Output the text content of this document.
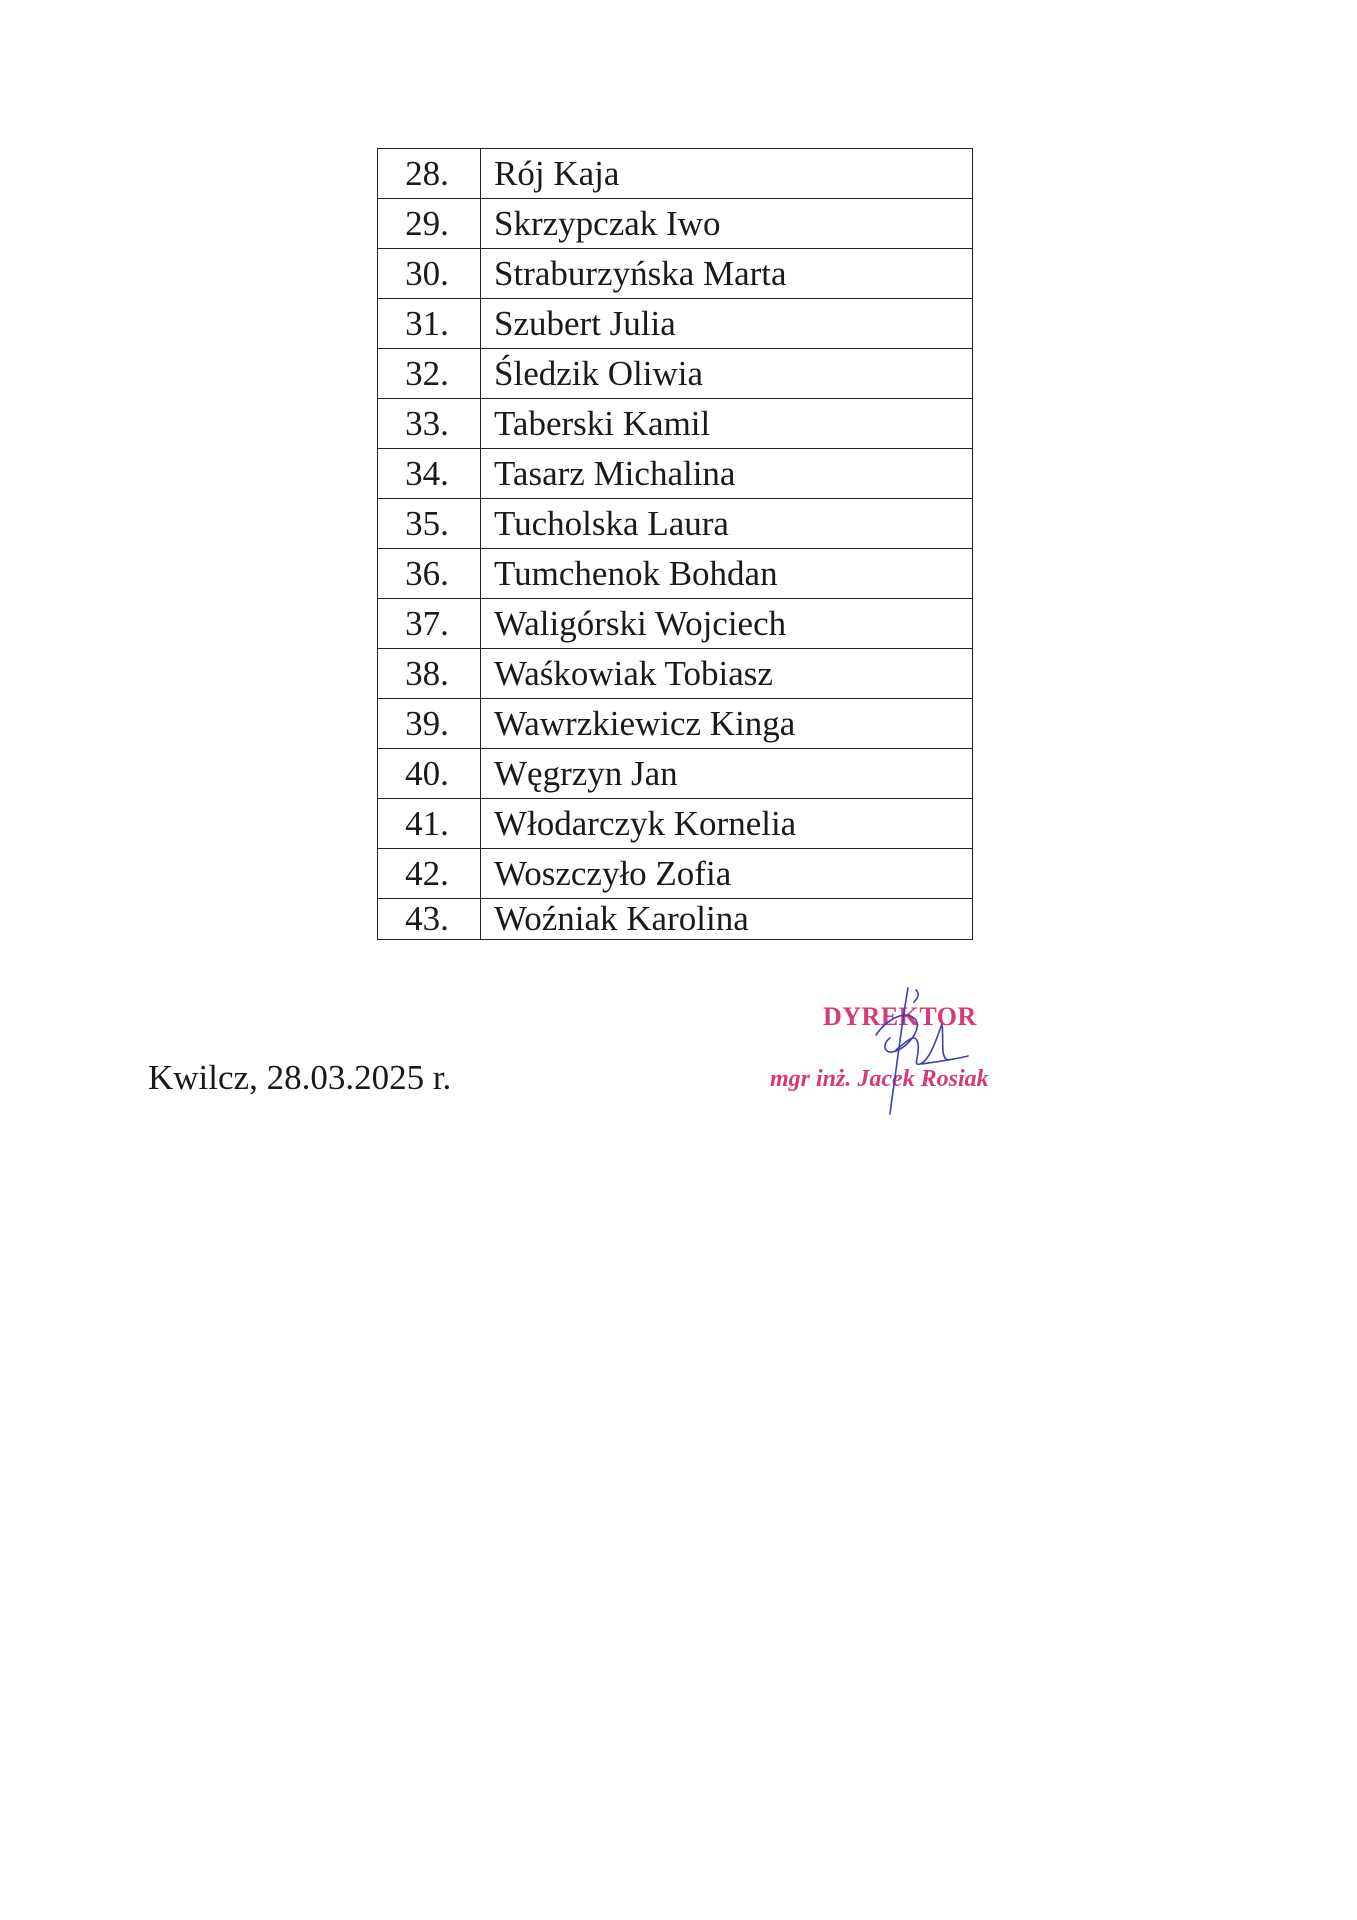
28.	Rój Kaja
29.	Skrzypczak Iwo
30.	Straburzyńska Marta
31.	Szubert Julia
32.	Śledzik Oliwia
33.	Taberski Kamil
34.	Tasarz Michalina
35.	Tucholska Laura
36.	Tumchenok Bohdan
37.	Waligórski Wojciech
38.	Waśkowiak Tobiasz
39.	Wawrzkiewicz Kinga
40.	Węgrzyn Jan
41.	Włodarczyk Kornelia
42.	Woszczyło Zofia
43.	Woźniak Karolina
Kwilcz, 28.03.2025 r.
DYREKTOR
mgr inż. Jacek Rosiak
